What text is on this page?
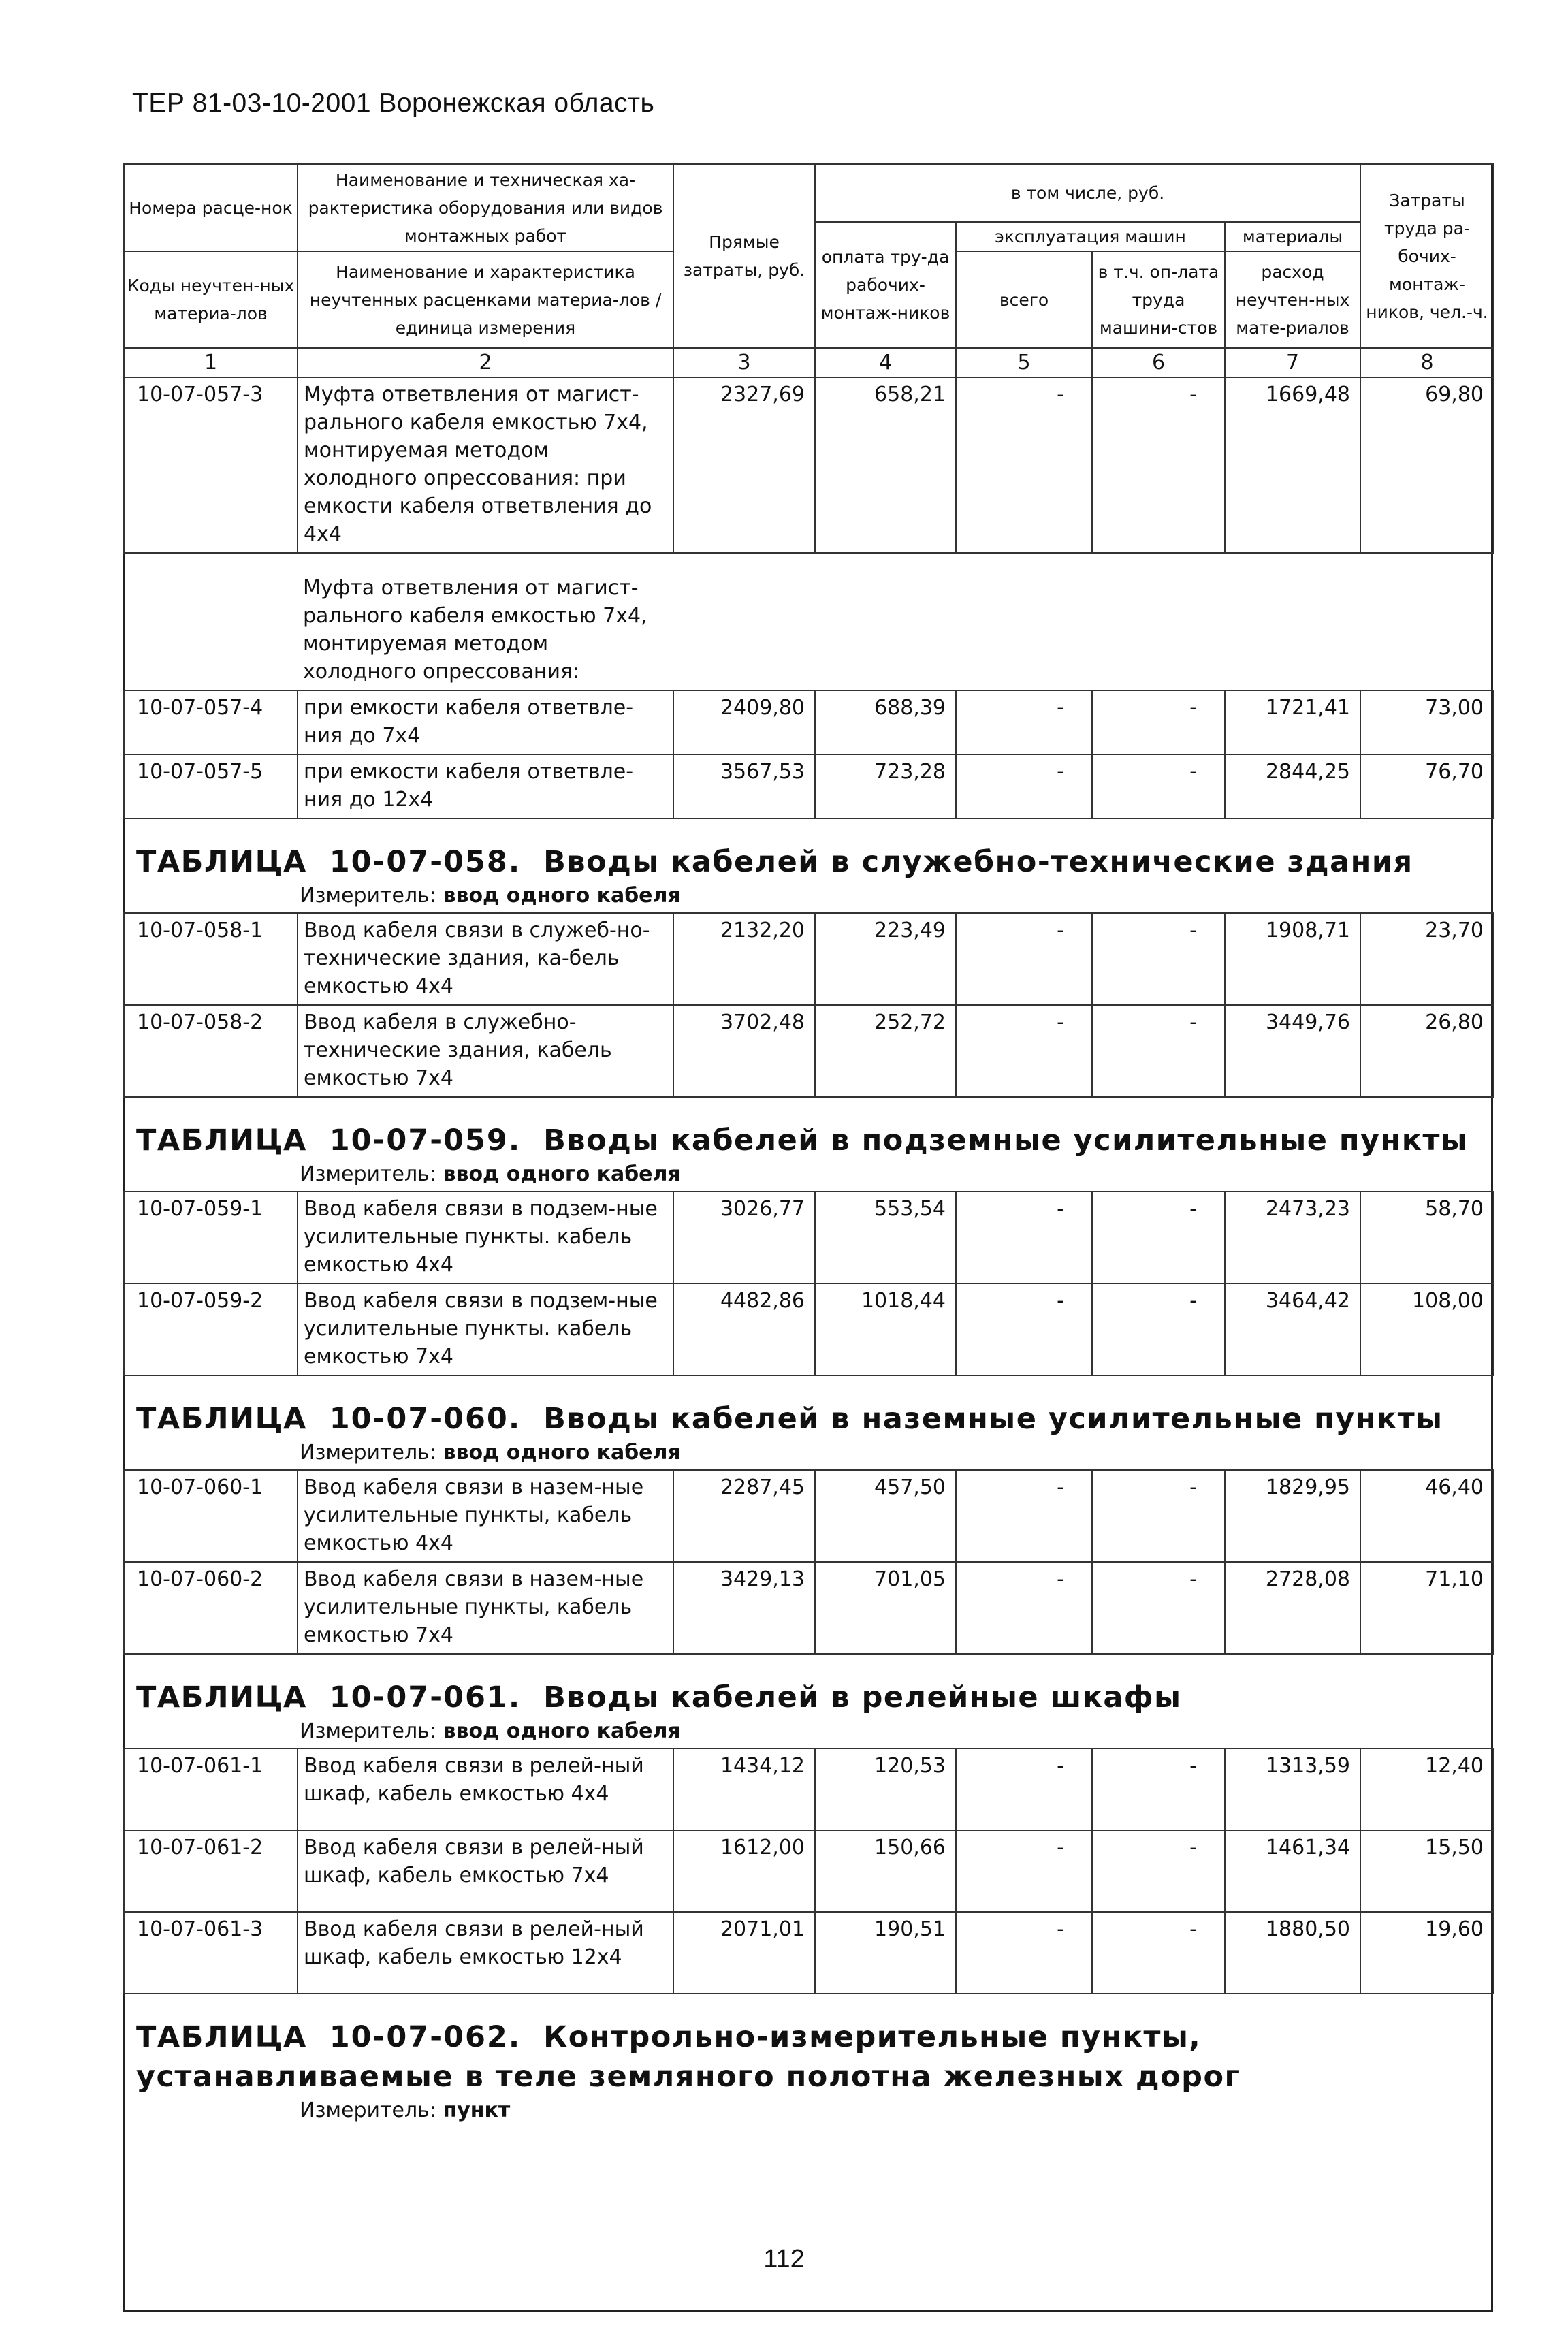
ТЕР 81-03-10-2001 Воронежская область
Номера расце-нок	Наименование и техническая ха-рактеристика оборудования или видов монтажных работ	Прямые затраты, руб.	в том числе, руб.				Затраты труда ра-бочих-монтаж-ников, чел.-ч.
			оплата тру-да рабочих-монтаж-ников	эксплуатация машин		материалы	
Коды неучтен-ных материа-лов	Наименование и характеристика неучтенных расценками материа-лов / единица измерения			всего	в т.ч. оп-лата труда машини-стов	расход неучтен-ных мате-риалов	

1	2	3	4	5	6	7	8
10-07-057-3	Муфта ответвления от магист-рального кабеля емкостью 7х4, монтируемая методом холодного опрессования: при емкости кабеля ответвления до 4х4	2327,69	658,21	-	-	1669,48	69,80
	Муфта ответвления от магист-рального кабеля емкостью 7х4, монтируемая методом холодного опрессования:						
10-07-057-4	при емкости кабеля ответвле-ния до 7х4	2409,80	688,39	-	-	1721,41	73,00
10-07-057-5	при емкости кабеля ответвле-ния до 12х4	3567,53	723,28	-	-	2844,25	76,70
ТАБЛИЦА 10-07-058. Вводы кабелей в служебно-технические здания							
Измеритель: ввод одного кабеля							
10-07-058-1	Ввод кабеля связи в служеб-но-технические здания, ка-бель емкостью 4х4	2132,20	223,49	-	-	1908,71	23,70
10-07-058-2	Ввод кабеля в служебно-технические здания, кабель емкостью 7х4	3702,48	252,72	-	-	3449,76	26,80
ТАБЛИЦА 10-07-059. Вводы кабелей в подземные усилительные пункты							
Измеритель: ввод одного кабеля							
10-07-059-1	Ввод кабеля связи в подзем-ные усилительные пункты. кабель емкостью 4х4	3026,77	553,54	-	-	2473,23	58,70
10-07-059-2	Ввод кабеля связи в подзем-ные усилительные пункты. кабель емкостью 7х4	4482,86	1018,44	-	-	3464,42	108,00
ТАБЛИЦА 10-07-060. Вводы кабелей в наземные усилительные пункты							
Измеритель: ввод одного кабеля							
10-07-060-1	Ввод кабеля связи в назем-ные усилительные пункты, кабель емкостью 4х4	2287,45	457,50	-	-	1829,95	46,40
10-07-060-2	Ввод кабеля связи в назем-ные усилительные пункты, кабель емкостью 7х4	3429,13	701,05	-	-	2728,08	71,10
ТАБЛИЦА 10-07-061. Вводы кабелей в релейные шкафы							
Измеритель: ввод одного кабеля							
10-07-061-1	Ввод кабеля связи в релей-ный шкаф, кабель емкостью 4х4	1434,12	120,53	-	-	1313,59	12,40
10-07-061-2	Ввод кабеля связи в релей-ный шкаф, кабель емкостью 7х4	1612,00	150,66	-	-	1461,34	15,50
10-07-061-3	Ввод кабеля связи в релей-ный шкаф, кабель емкостью 12х4	2071,01	190,51	-	-	1880,50	19,60
ТАБЛИЦА 10-07-062. Контрольно-измерительные пункты, устанавливаемые в теле земляного полотна железных дорог							
Измеритель: пункт							
112
